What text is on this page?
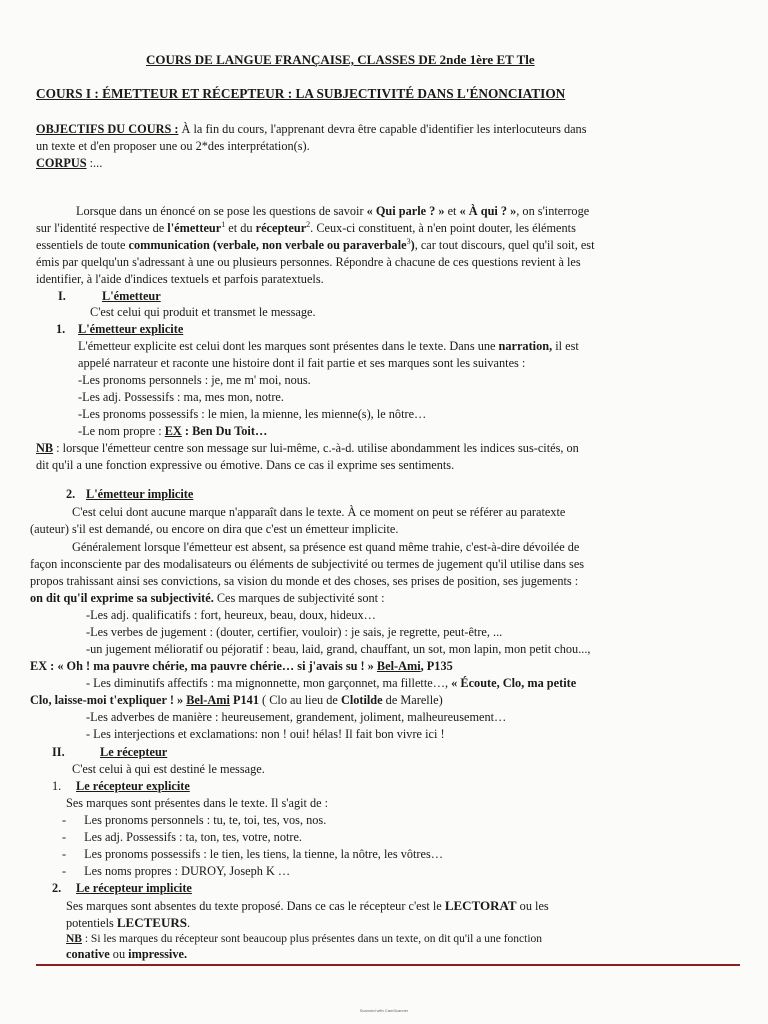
COURS DE LANGUE FRANÇAISE, CLASSES DE 2nde 1ère ET Tle
COURS I : ÉMETTEUR ET RÉCEPTEUR : LA SUBJECTIVITÉ DANS L'ÉNONCIATION
OBJECTIFS DU COURS : À la fin du cours, l'apprenant devra être capable d'identifier les interlocuteurs dans
un texte et d'en proposer une ou 2*des interprétation(s).
CORPUS :...
Lorsque dans un énoncé on se pose les questions de savoir « Qui parle ? » et « À qui ? », on s'interroge
sur l'identité respective de l'émetteur$^1$ et du récepteur$^2$. Ceux-ci constituent, à n'en point douter, les éléments
essentiels de toute communication (verbale, non verbale ou paraverbale$^3$), car tout discours, quel qu'il soit, est
émis par quelqu'un s'adressant à une ou plusieurs personnes. Répondre à chacune de ces questions revient à les
identifier, à l'aide d'indices textuels et parfois paratextuels.
I.	L'émetteur
C'est celui qui produit et transmet le message.
1. L'émetteur explicite
L'émetteur explicite est celui dont les marques sont présentes dans le texte. Dans une narration, il est
appelé narrateur et raconte une histoire dont il fait partie et ses marques sont les suivantes :
-Les pronoms personnels : je, me m' moi, nous.
-Les adj. Possessifs : ma, mes mon, notre.
-Les pronoms possessifs : le mien, la mienne, les mienne(s), le nôtre…
-Le nom propre : EX : Ben Du Toit…
NB : lorsque l'émetteur centre son message sur lui-même, c.-à-d. utilise abondamment les indices sus-cités, on
dit qu'il a une fonction expressive ou émotive. Dans ce cas il exprime ses sentiments.
2. L'émetteur implicite
C'est celui dont aucune marque n'apparaît dans le texte. À ce moment on peut se référer au paratexte
(auteur) s'il est demandé, ou encore on dira que c'est un émetteur implicite.
Généralement lorsque l'émetteur est absent, sa présence est quand même trahie, c'est-à-dire dévoilée de
façon inconsciente par des modalisateurs ou éléments de subjectivité ou termes de jugement qu'il utilise dans ses
propos trahissant ainsi ses convictions, sa vision du monde et des choses, ses prises de position, ses jugements :
on dit qu'il exprime sa subjectivité. Ces marques de subjectivité sont :
-Les adj. qualificatifs : fort, heureux, beau, doux, hideux…
-Les verbes de jugement : (douter, certifier, vouloir) : je sais, je regrette, peut-être, ...
-un jugement mélioratif ou péjoratif : beau, laid, grand, chauffant, un sot, mon lapin, mon petit chou...,
EX : « Oh ! ma pauvre chérie, ma pauvre chérie… si j'avais su ! » Bel-Ami, P135
- Les diminutifs affectifs : ma mignonnette, mon garçonnet, ma fillette…, « Écoute, Clo, ma petite
Clo, laisse-moi t'expliquer ! » Bel-Ami P141 ( Clo au lieu de Clotilde de Marelle)
-Les adverbes de manière : heureusement, grandement, joliment, malheureusement…
- Les interjections et exclamations: non ! oui! hélas! Il fait bon vivre ici !
II.	Le récepteur
C'est celui à qui est destiné le message.
1. Le récepteur explicite
Ses marques sont présentes dans le texte. Il s'agit de :
- Les pronoms personnels : tu, te, toi, tes, vos, nos.
- Les adj. Possessifs : ta, ton, tes, votre, notre.
- Les pronoms possessifs : le tien, les tiens, la tienne, la nôtre, les vôtres…
- Les noms propres : DUROY, Joseph K …
2. Le récepteur implicite
Ses marques sont absentes du texte proposé. Dans ce cas le récepteur c'est le LECTORAT ou les
potentiels LECTEURS.
NB : Si les marques du récepteur sont beaucoup plus présentes dans un texte, on dit qu'il a une fonction
conative ou impressive.
Scanned with CamScanner
